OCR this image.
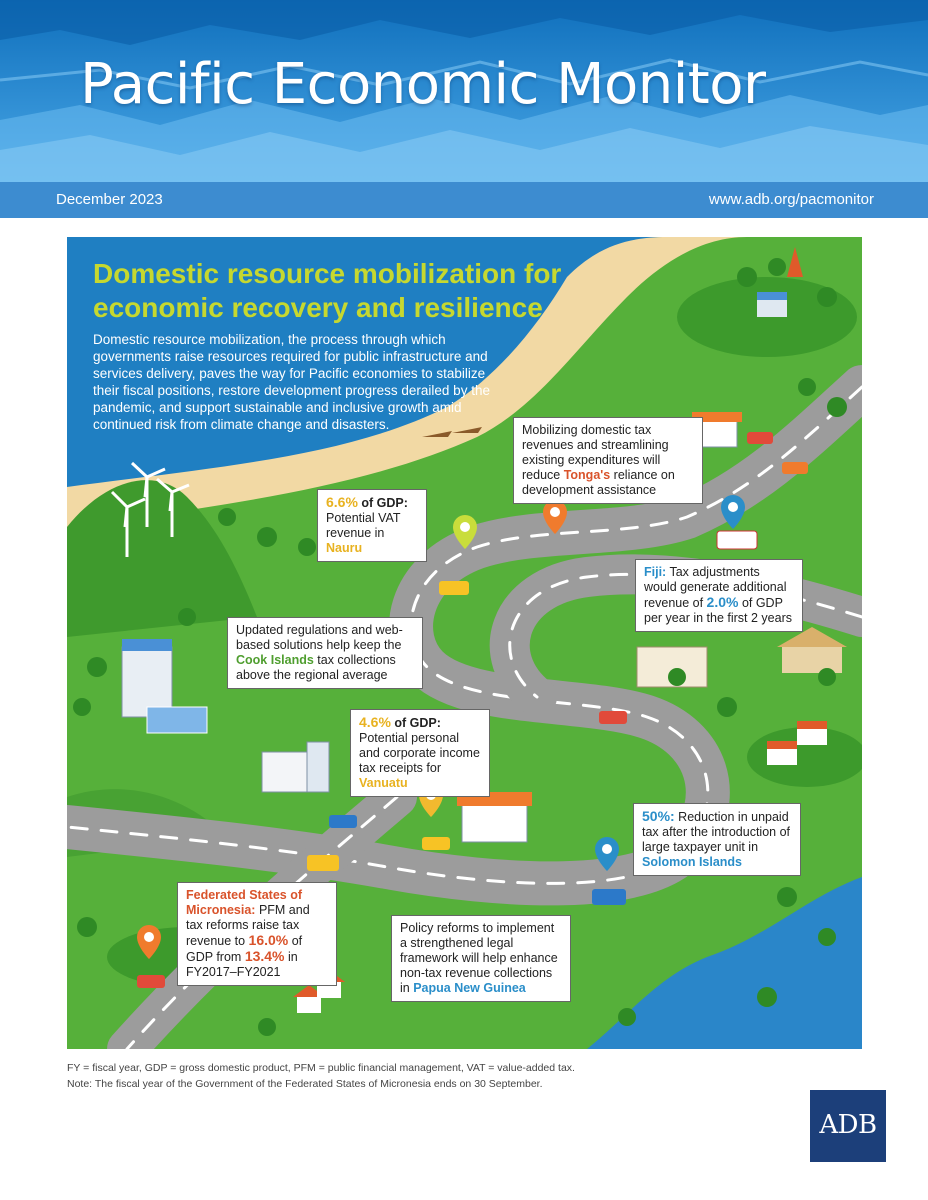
Pacific Economic Monitor
December 2023	www.adb.org/pacmonitor
Domestic resource mobilization for
economic recovery and resilience

Domestic resource mobilization, the process through which governments raise resources required for public infrastructure and services delivery, paves the way for Pacific economies to stabilize their fiscal positions, restore development progress derailed by the pandemic, and support sustainable and inclusive growth amid continued risk from climate change and disasters.	Mobilizing domestic tax revenues and streamlining existing expenditures will reduce Tonga's reliance on development assistance
6.6% of GDP:
Potential VAT revenue in Nauru
Fiji: Tax adjustments would generate additional revenue of 2.0% of GDP per year in the first 2 years
Updated regulations and web-based solutions help keep the Cook Islands tax collections above the regional average
4.6% of GDP:
Potential personal and corporate income tax receipts for Vanuatu
50%: Reduction in unpaid tax after the introduction of large taxpayer unit in Solomon Islands
Federated States of Micronesia: PFM and tax reforms raise tax revenue to 16.0% of GDP from 13.4% in FY2017–FY2021
Policy reforms to implement a strengthened legal framework will help enhance non-tax revenue collections in Papua New Guinea
FY = fiscal year, GDP = gross domestic product, PFM = public financial management, VAT = value-added tax.
Note: The fiscal year of the Government of the Federated States of Micronesia ends on 30 September.
ADB
